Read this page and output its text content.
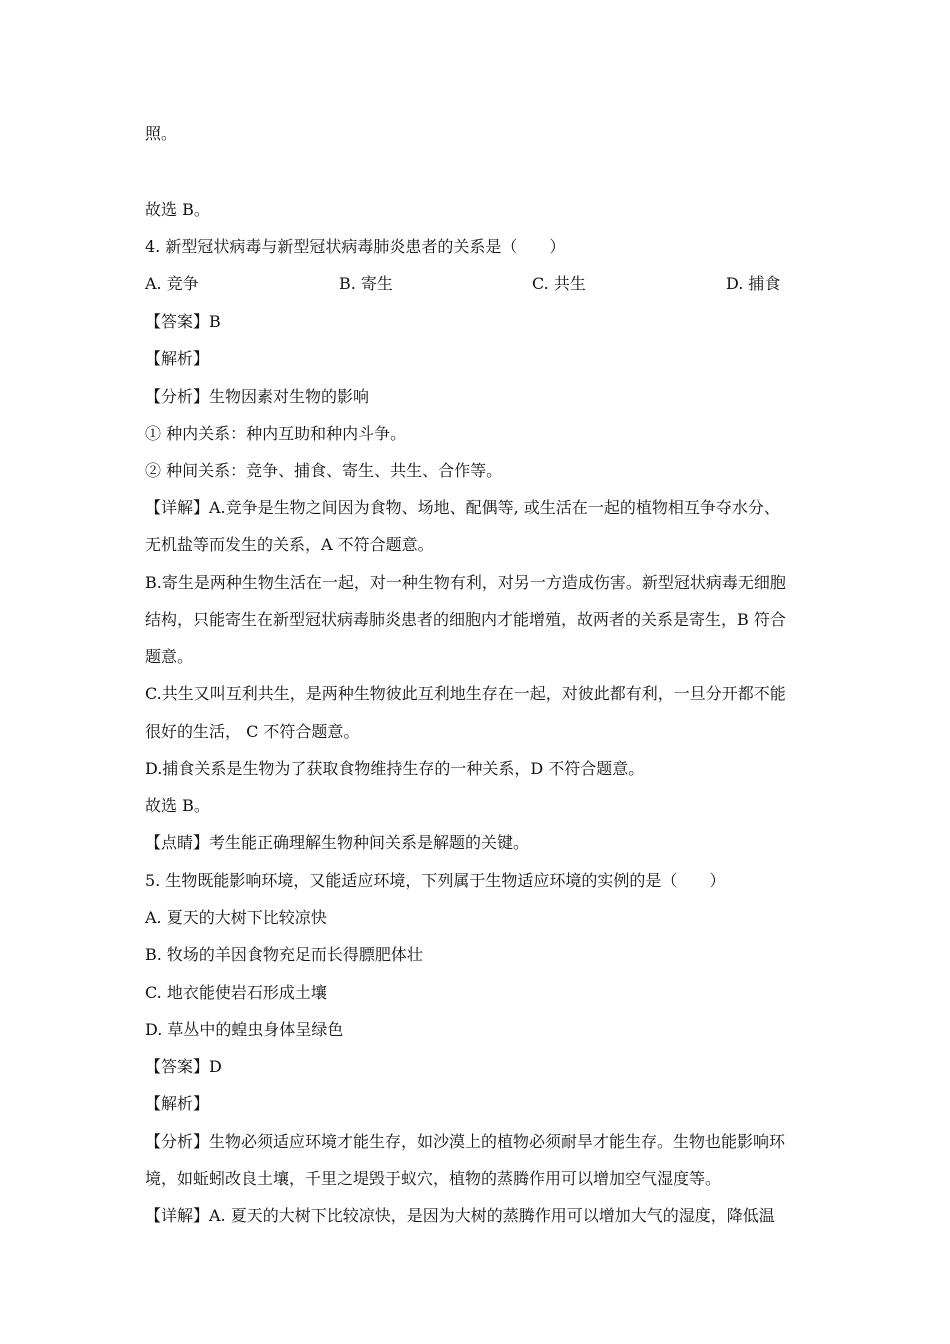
照。
故选 B。
4. 新型冠状病毒与新型冠状病毒肺炎患者的关系是（　　）
【答案】B
【解析】
【分析】生物因素对生物的影响
① 种内关系：种内互助和种内斗争。
② 种间关系：竞争、捕食、寄生、共生、合作等。
【详解】A.竞争是生物之间因为食物、场地、配偶等, 或生活在一起的植物相互争夺水分、
无机盐等而发生的关系，A 不符合题意。
B.寄生是两种生物生活在一起，对一种生物有利，对另一方造成伤害。新型冠状病毒无细胞
结构，只能寄生在新型冠状病毒肺炎患者的细胞内才能增殖，故两者的关系是寄生，B 符合
题意。
C.共生又叫互利共生，是两种生物彼此互利地生存在一起，对彼此都有利，一旦分开都不能
很好的生活， C 不符合题意。
D.捕食关系是生物为了获取食物维持生存的一种关系，D 不符合题意。
故选 B。
【点睛】考生能正确理解生物种间关系是解题的关键。
5. 生物既能影响环境，又能适应环境，下列属于生物适应环境的实例的是（　　）
A. 夏天的大树下比较凉快
B. 牧场的羊因食物充足而长得膘肥体壮
C. 地衣能使岩石形成土壤
D. 草丛中的蝗虫身体呈绿色
【答案】D
【解析】
【分析】生物必须适应环境才能生存，如沙漠上的植物必须耐旱才能生存。生物也能影响环
境，如蚯蚓改良土壤，千里之堤毁于蚁穴，植物的蒸腾作用可以增加空气湿度等。
【详解】A. 夏天的大树下比较凉快，是因为大树的蒸腾作用可以增加大气的湿度，降低温
A. 竞争	B. 寄生	C. 共生	D. 捕食
